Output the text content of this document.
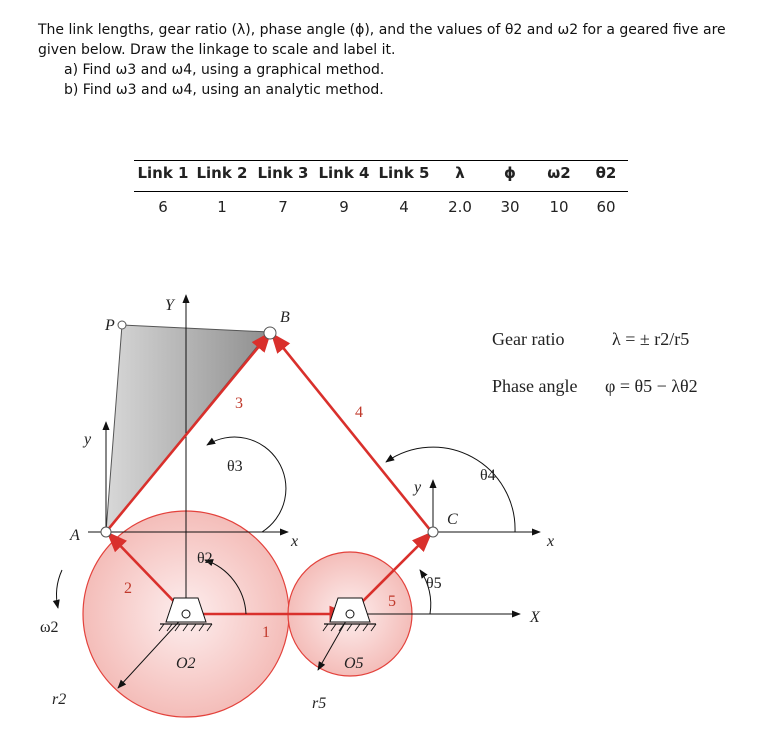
The link lengths, gear ratio (λ), phase angle (ϕ), and the values of θ2 and ω2 for a geared five are given below. Draw the linkage to scale and label it.

a) Find ω3 and ω4, using a graphical method.

b) Find ω3 and ω4, using an analytic method.

Link 1	Link 2	Link 3	Link 4	Link 5	λ	ϕ	ω2	θ2
6	1	7	9	4	2.0	30	10	60
P
Y
B
y
A	x
3
4
θ3
θ2
2
1
5
ω2
O2	O5
r2	r5
y
C
θ4
x
θ5
X
Gear ratio	λ = ± r2/r5
Phase angle φ = θ5 − λθ2
